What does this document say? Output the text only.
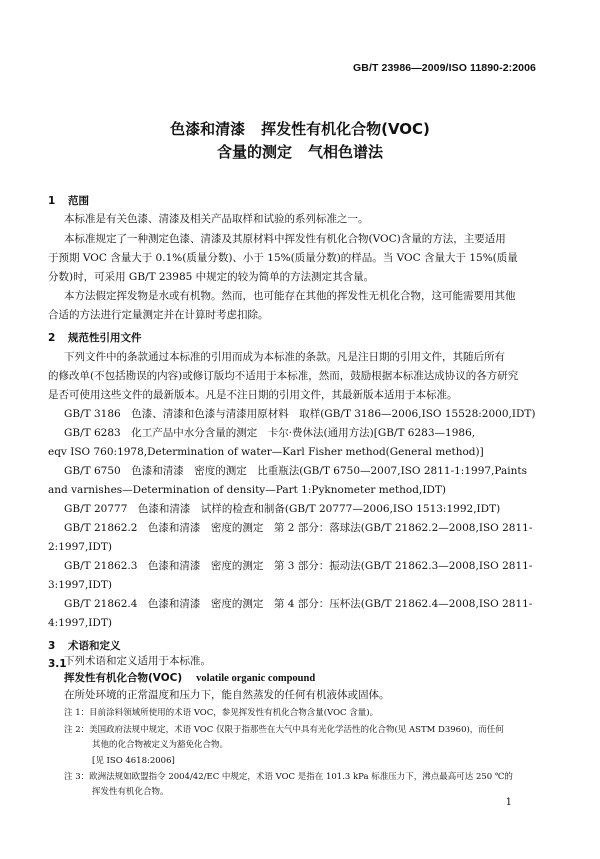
GB/T 23986—2009/ISO 11890-2:2006
色漆和清漆 挥发性有机化合物(VOC)
含量的测定 气相色谱法
1 范围
本标准是有关色漆、清漆及相关产品取样和试验的系列标准之一。
本标准规定了一种测定色漆、清漆及其原材料中挥发性有机化合物(VOC)含量的方法，主要适用
于预期 VOC 含量大于 0.1%(质量分数)、小于 15%(质量分数)的样品。当 VOC 含量大于 15%(质量
分数)时，可采用 GB/T 23985 中规定的较为简单的方法测定其含量。
本方法假定挥发物是水或有机物。然而，也可能存在其他的挥发性无机化合物，这可能需要用其他
合适的方法进行定量测定并在计算时考虑扣除。
2 规范性引用文件
下列文件中的条款通过本标准的引用而成为本标准的条款。凡是注日期的引用文件，其随后所有
的修改单(不包括勘误的内容)或修订版均不适用于本标准，然而，鼓励根据本标准达成协议的各方研究
是否可使用这些文件的最新版本。凡是不注日期的引用文件，其最新版本适用于本标准。
GB/T 3186　色漆、清漆和色漆与清漆用原材料　取样(GB/T 3186—2006,ISO 15528:2000,IDT)
GB/T 6283　化工产品中水分含量的测定　卡尔·费休法(通用方法)[GB/T 6283—1986,
eqv ISO 760:1978,Determination of water—Karl Fisher method(General method)]
GB/T 6750　色漆和清漆　密度的测定　比重瓶法(GB/T 6750—2007,ISO 2811-1:1997,Paints
and varnishes—Determination of density—Part 1:Pyknometer method,IDT)
GB/T 20777　色漆和清漆　试样的检查和制备(GB/T 20777—2006,ISO 1513:1992,IDT)
GB/T 21862.2　色漆和清漆　密度的测定　第 2 部分：落球法(GB/T 21862.2—2008,ISO 2811-
2:1997,IDT)
GB/T 21862.3　色漆和清漆　密度的测定　第 3 部分：振动法(GB/T 21862.3—2008,ISO 2811-
3:1997,IDT)
GB/T 21862.4　色漆和清漆　密度的测定　第 4 部分：压杯法(GB/T 21862.4—2008,ISO 2811-
4:1997,IDT)
3 术语和定义
下列术语和定义适用于本标准。
3.1
挥发性有机化合物(VOC) volatile organic compound
在所处环境的正常温度和压力下，能自然蒸发的任何有机液体或固体。
注 1：目前涂料领域所使用的术语 VOC，参见挥发性有机化合物含量(VOC 含量)。
注 2：美国政府法规中规定，术语 VOC 仅限于指那些在大气中具有光化学活性的化合物(见 ASTM D3960)，而任何
其他的化合物被定义为豁免化合物。
[见 ISO 4618:2006]
注 3：欧洲法规如欧盟指令 2004/42/EC 中规定，术语 VOC 是指在 101.3 kPa 标准压力下，沸点最高可达 250 ℃的
挥发性有机化合物。
1
